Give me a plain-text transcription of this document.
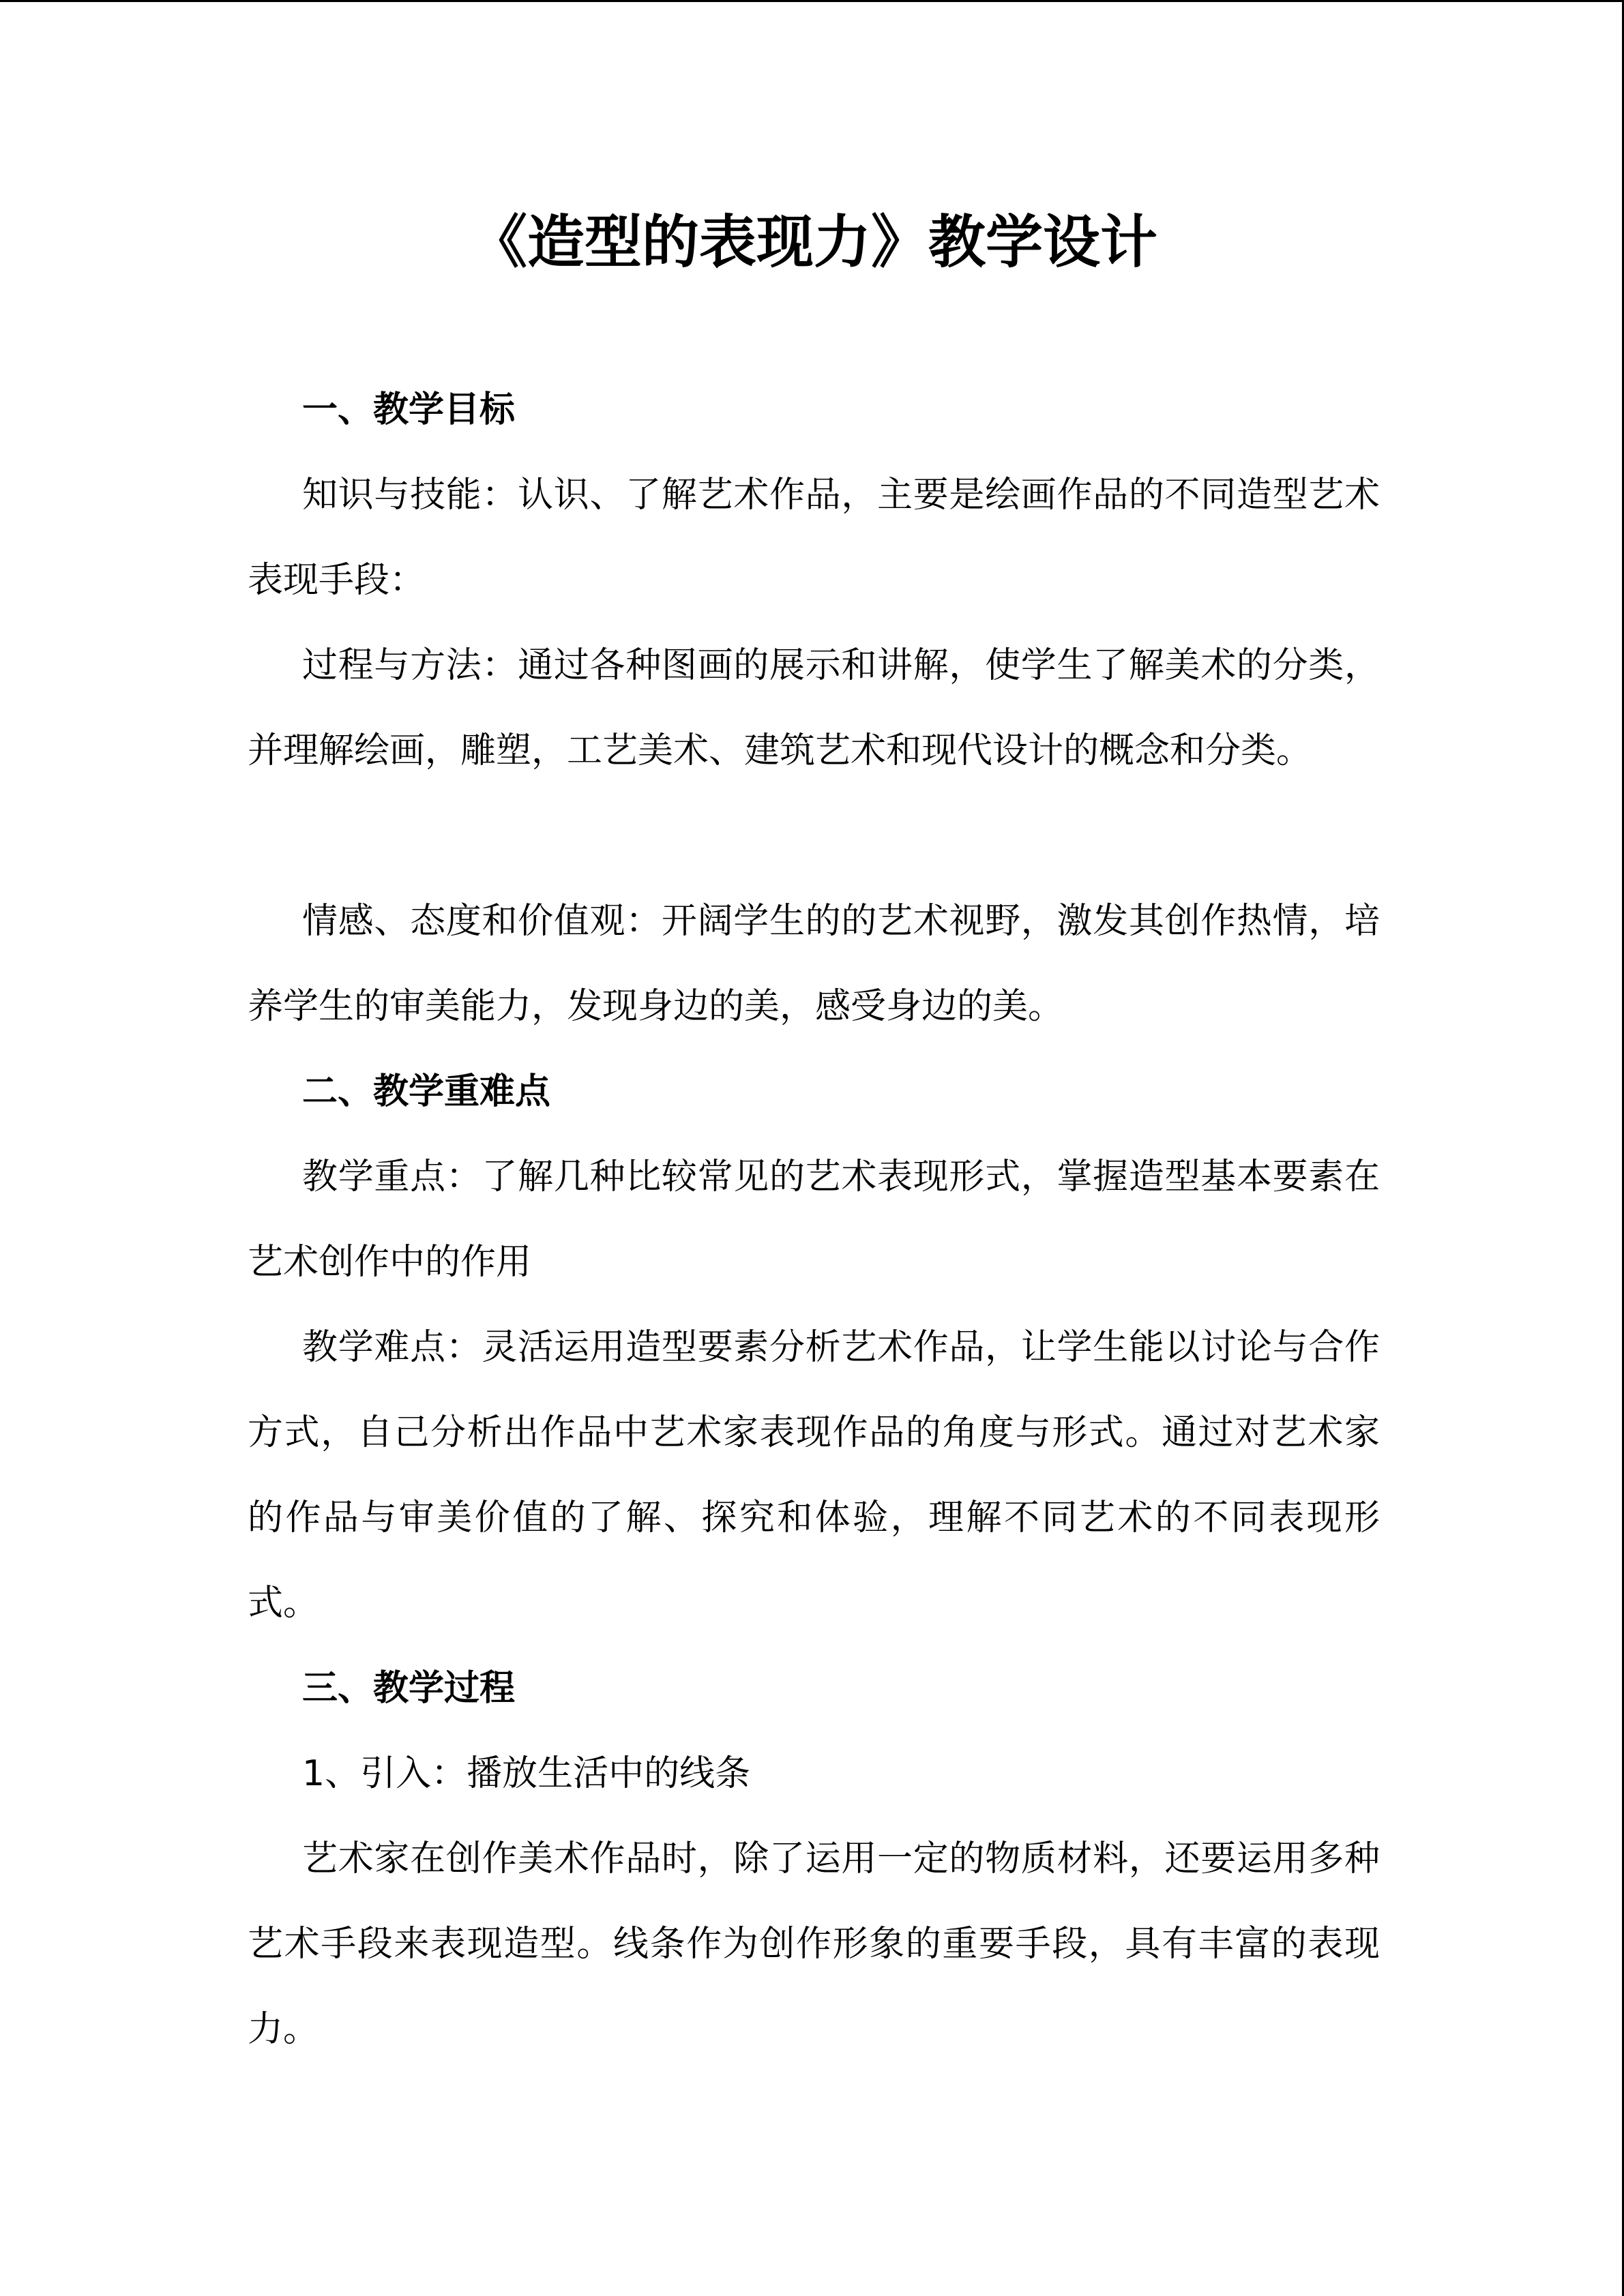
《造型的表现力》教学设计
一、教学目标
知识与技能：认识、了解艺术作品，主要是绘画作品的不同造型艺术表现手段：
过程与方法：通过各种图画的展示和讲解，使学生了解美术的分类，并理解绘画，雕塑，工艺美术、建筑艺术和现代设计的概念和分类。
情感、态度和价值观：开阔学生的的艺术视野，激发其创作热情，培养学生的审美能力，发现身边的美，感受身边的美。
二、教学重难点
教学重点：了解几种比较常见的艺术表现形式，掌握造型基本要素在艺术创作中的作用
教学难点：灵活运用造型要素分析艺术作品，让学生能以讨论与合作方式，自己分析出作品中艺术家表现作品的角度与形式。通过对艺术家的作品与审美价值的了解、探究和体验，理解不同艺术的不同表现形式。
三、教学过程
1、引入：播放生活中的线条
艺术家在创作美术作品时，除了运用一定的物质材料，还要运用多种艺术手段来表现造型。线条作为创作形象的重要手段，具有丰富的表现力。
